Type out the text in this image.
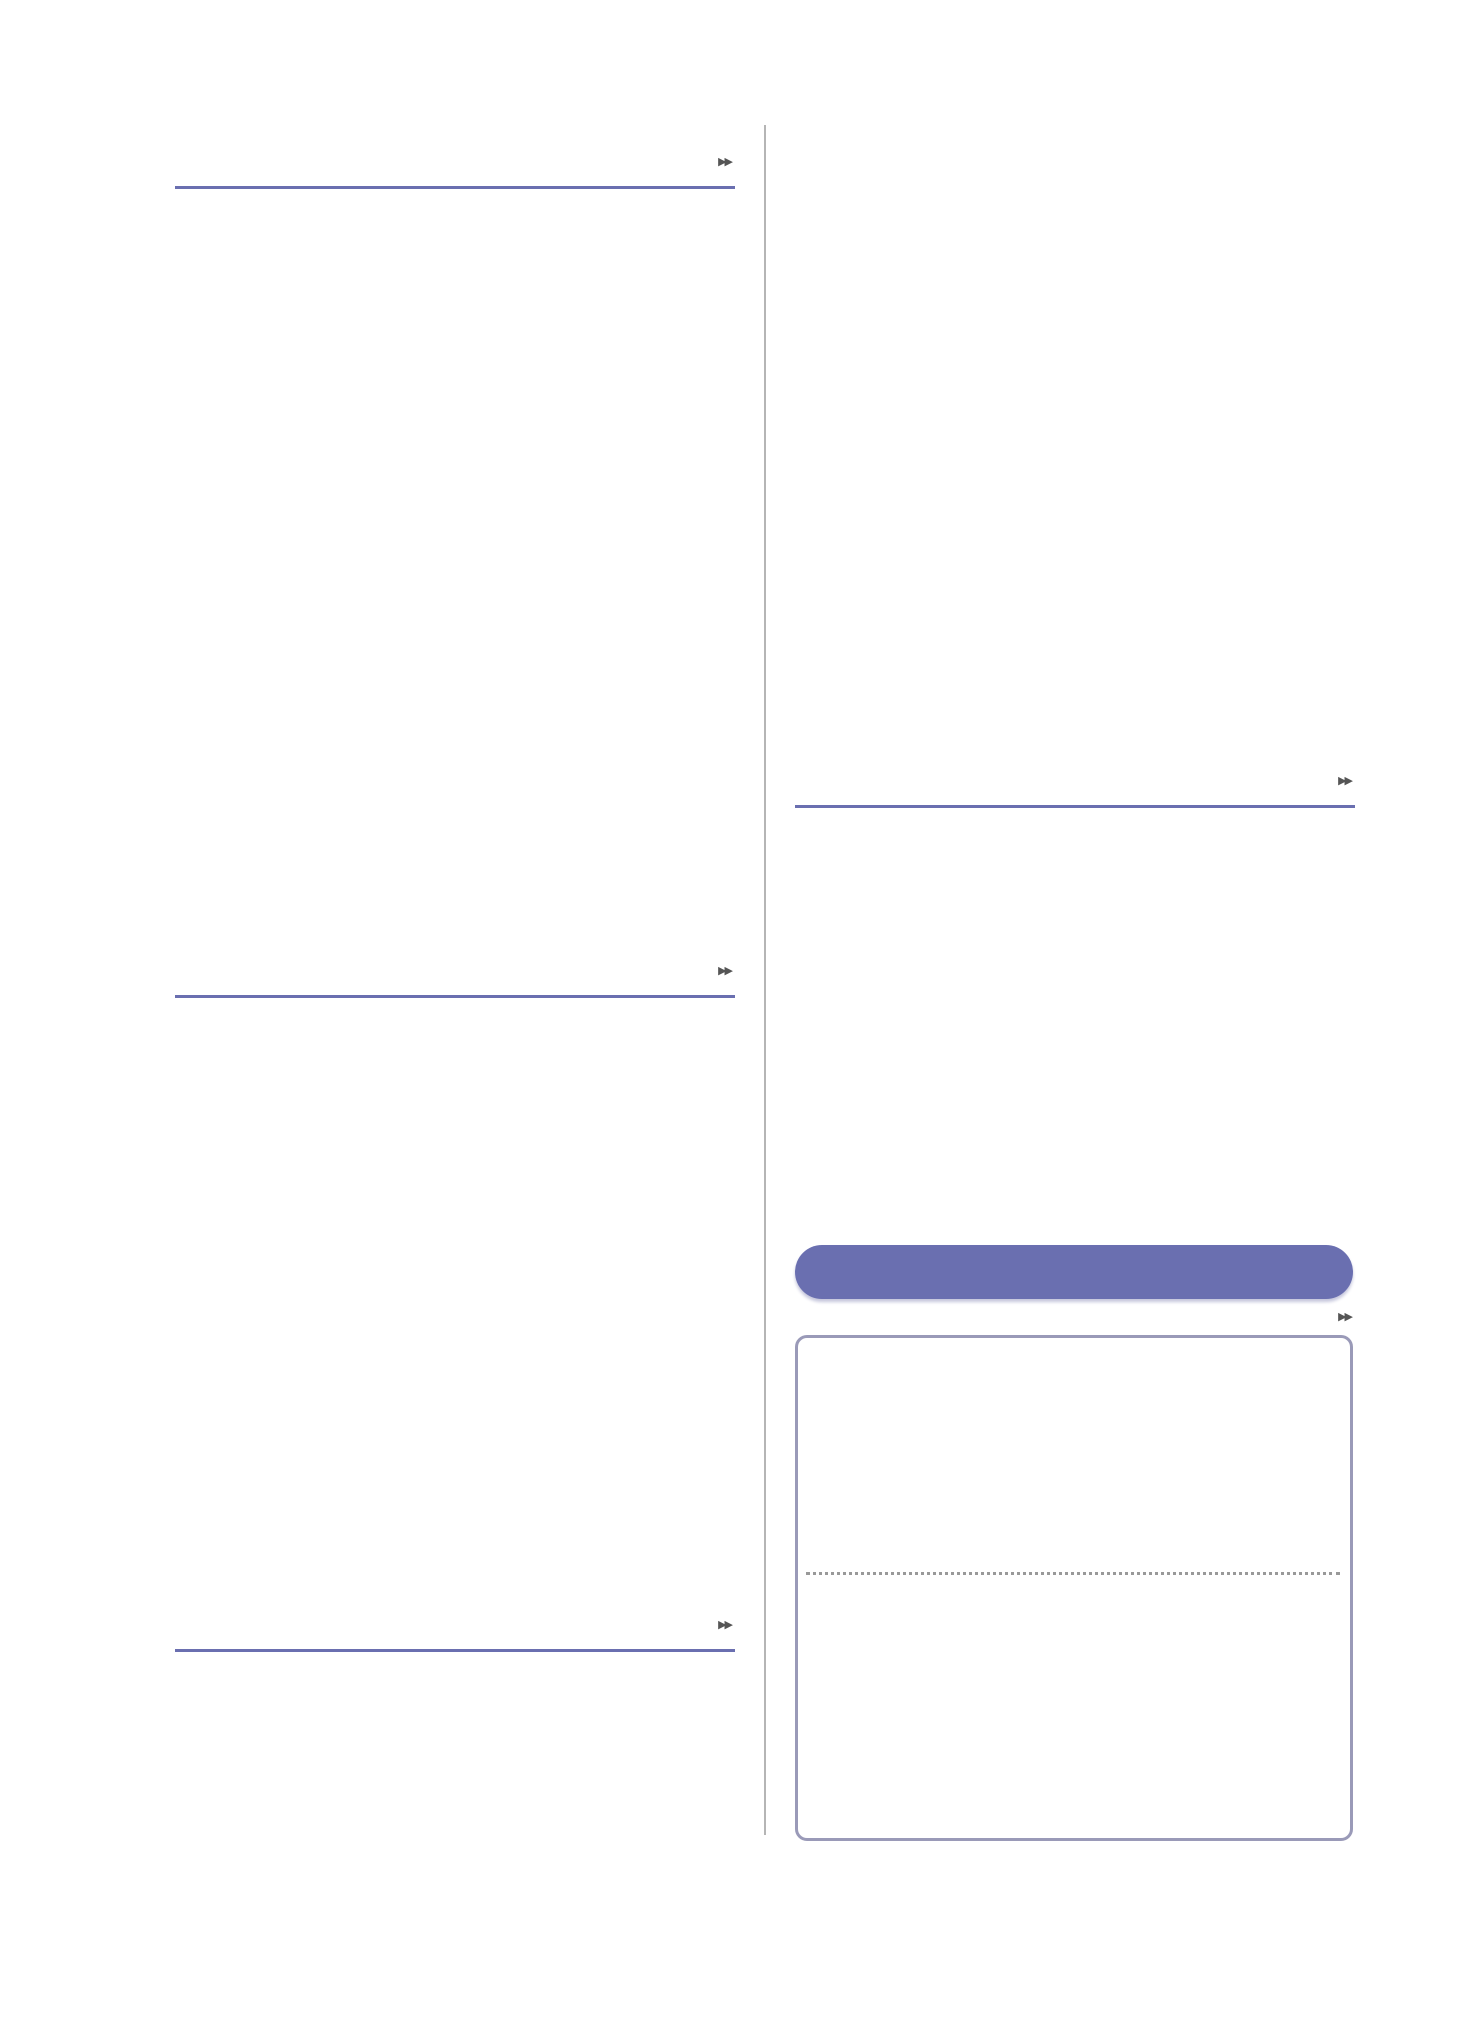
▶▶
▶▶
▶▶
▶▶
▶▶
